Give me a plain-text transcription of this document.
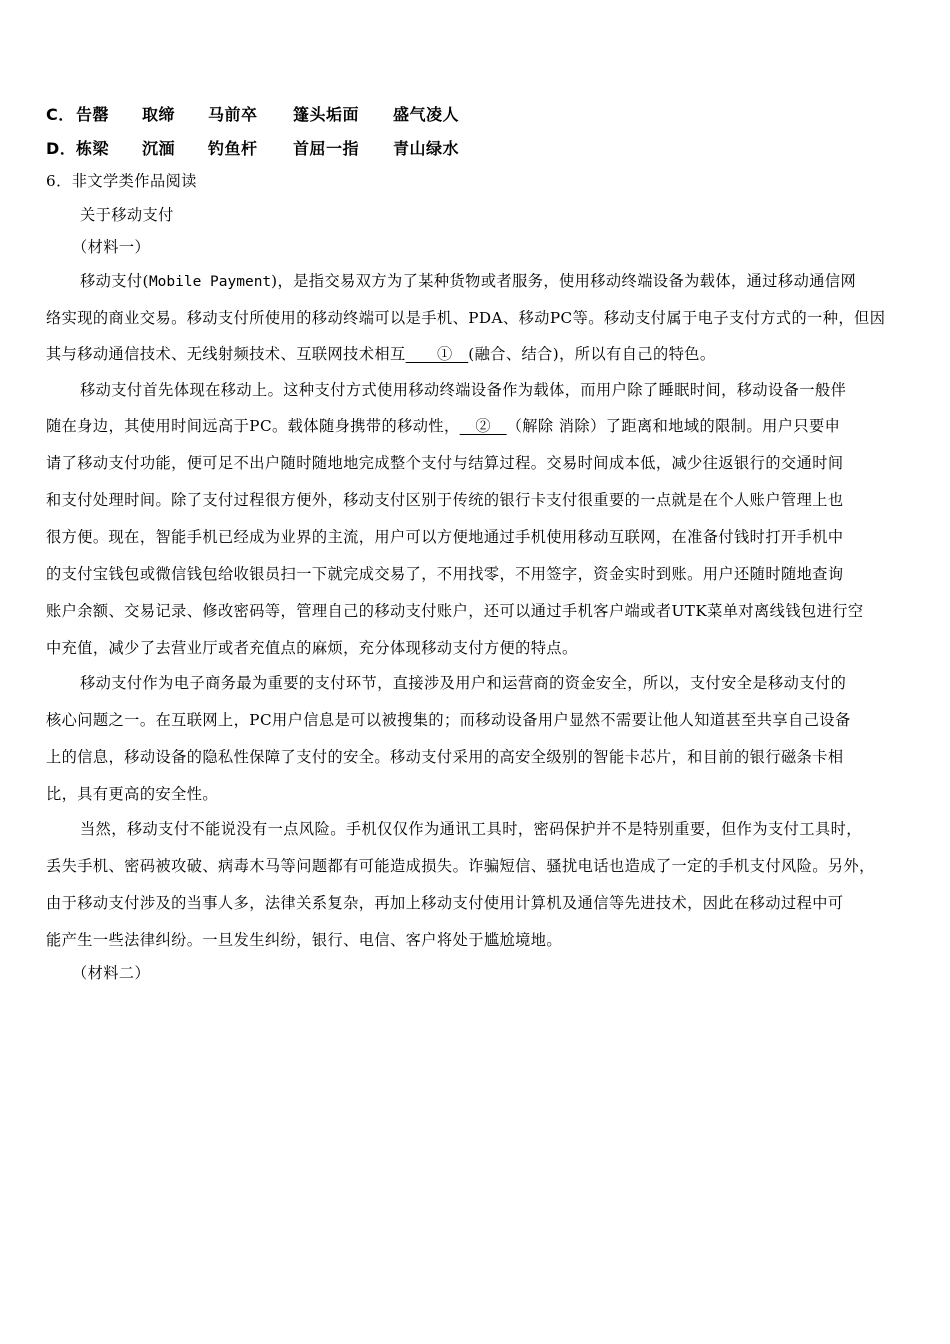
C． 告罄 取缔 马前卒 篷头垢面 盛气凌人
D． 栋梁 沉湎 钓鱼杆 首屈一指 青山绿水
6．非文学类作品阅读
关于移动支付
（材料一）
移动支付(Mobile Payment)，是指交易双方为了某种货物或者服务，使用移动终端设备为载体，通过移动通信网
络实现的商业交易。移动支付所使用的移动终端可以是手机、PDA、移动PC等。移动支付属于电子支付方式的一种，但因
其与移动通信技术、无线射频技术、互联网技术相互　　①　(融合、结合)，所以有自己的特色。
移动支付首先体现在移动上。这种支付方式使用移动终端设备作为载体，而用户除了睡眠时间，移动设备一般伴
随在身边，其使用时间远高于PC。载体随身携带的移动性，　②　（解除 消除）了距离和地域的限制。用户只要申
请了移动支付功能，便可足不出户随时随地地完成整个支付与结算过程。交易时间成本低，减少往返银行的交通时间
和支付处理时间。除了支付过程很方便外，移动支付区别于传统的银行卡支付很重要的一点就是在个人账户管理上也
很方便。现在，智能手机已经成为业界的主流，用户可以方便地通过手机使用移动互联网，在准备付钱时打开手机中
的支付宝钱包或微信钱包给收银员扫一下就完成交易了，不用找零，不用签字，资金实时到账。用户还随时随地查询
账户余额、交易记录、修改密码等，管理自己的移动支付账户，还可以通过手机客户端或者UTK菜单对离线钱包进行空
中充值，减少了去营业厅或者充值点的麻烦，充分体现移动支付方便的特点。
移动支付作为电子商务最为重要的支付环节，直接涉及用户和运营商的资金安全，所以，支付安全是移动支付的
核心问题之一。在互联网上，PC用户信息是可以被搜集的；而移动设备用户显然不需要让他人知道甚至共享自己设备
上的信息，移动设备的隐私性保障了支付的安全。移动支付采用的高安全级别的智能卡芯片，和目前的银行磁条卡相
比，具有更高的安全性。
当然，移动支付不能说没有一点风险。手机仅仅作为通讯工具时，密码保护并不是特别重要，但作为支付工具时，
丢失手机、密码被攻破、病毒木马等问题都有可能造成损失。诈骗短信、骚扰电话也造成了一定的手机支付风险。另外，
由于移动支付涉及的当事人多，法律关系复杂，再加上移动支付使用计算机及通信等先进技术，因此在移动过程中可
能产生一些法律纠纷。一旦发生纠纷，银行、电信、客户将处于尴尬境地。
（材料二）
